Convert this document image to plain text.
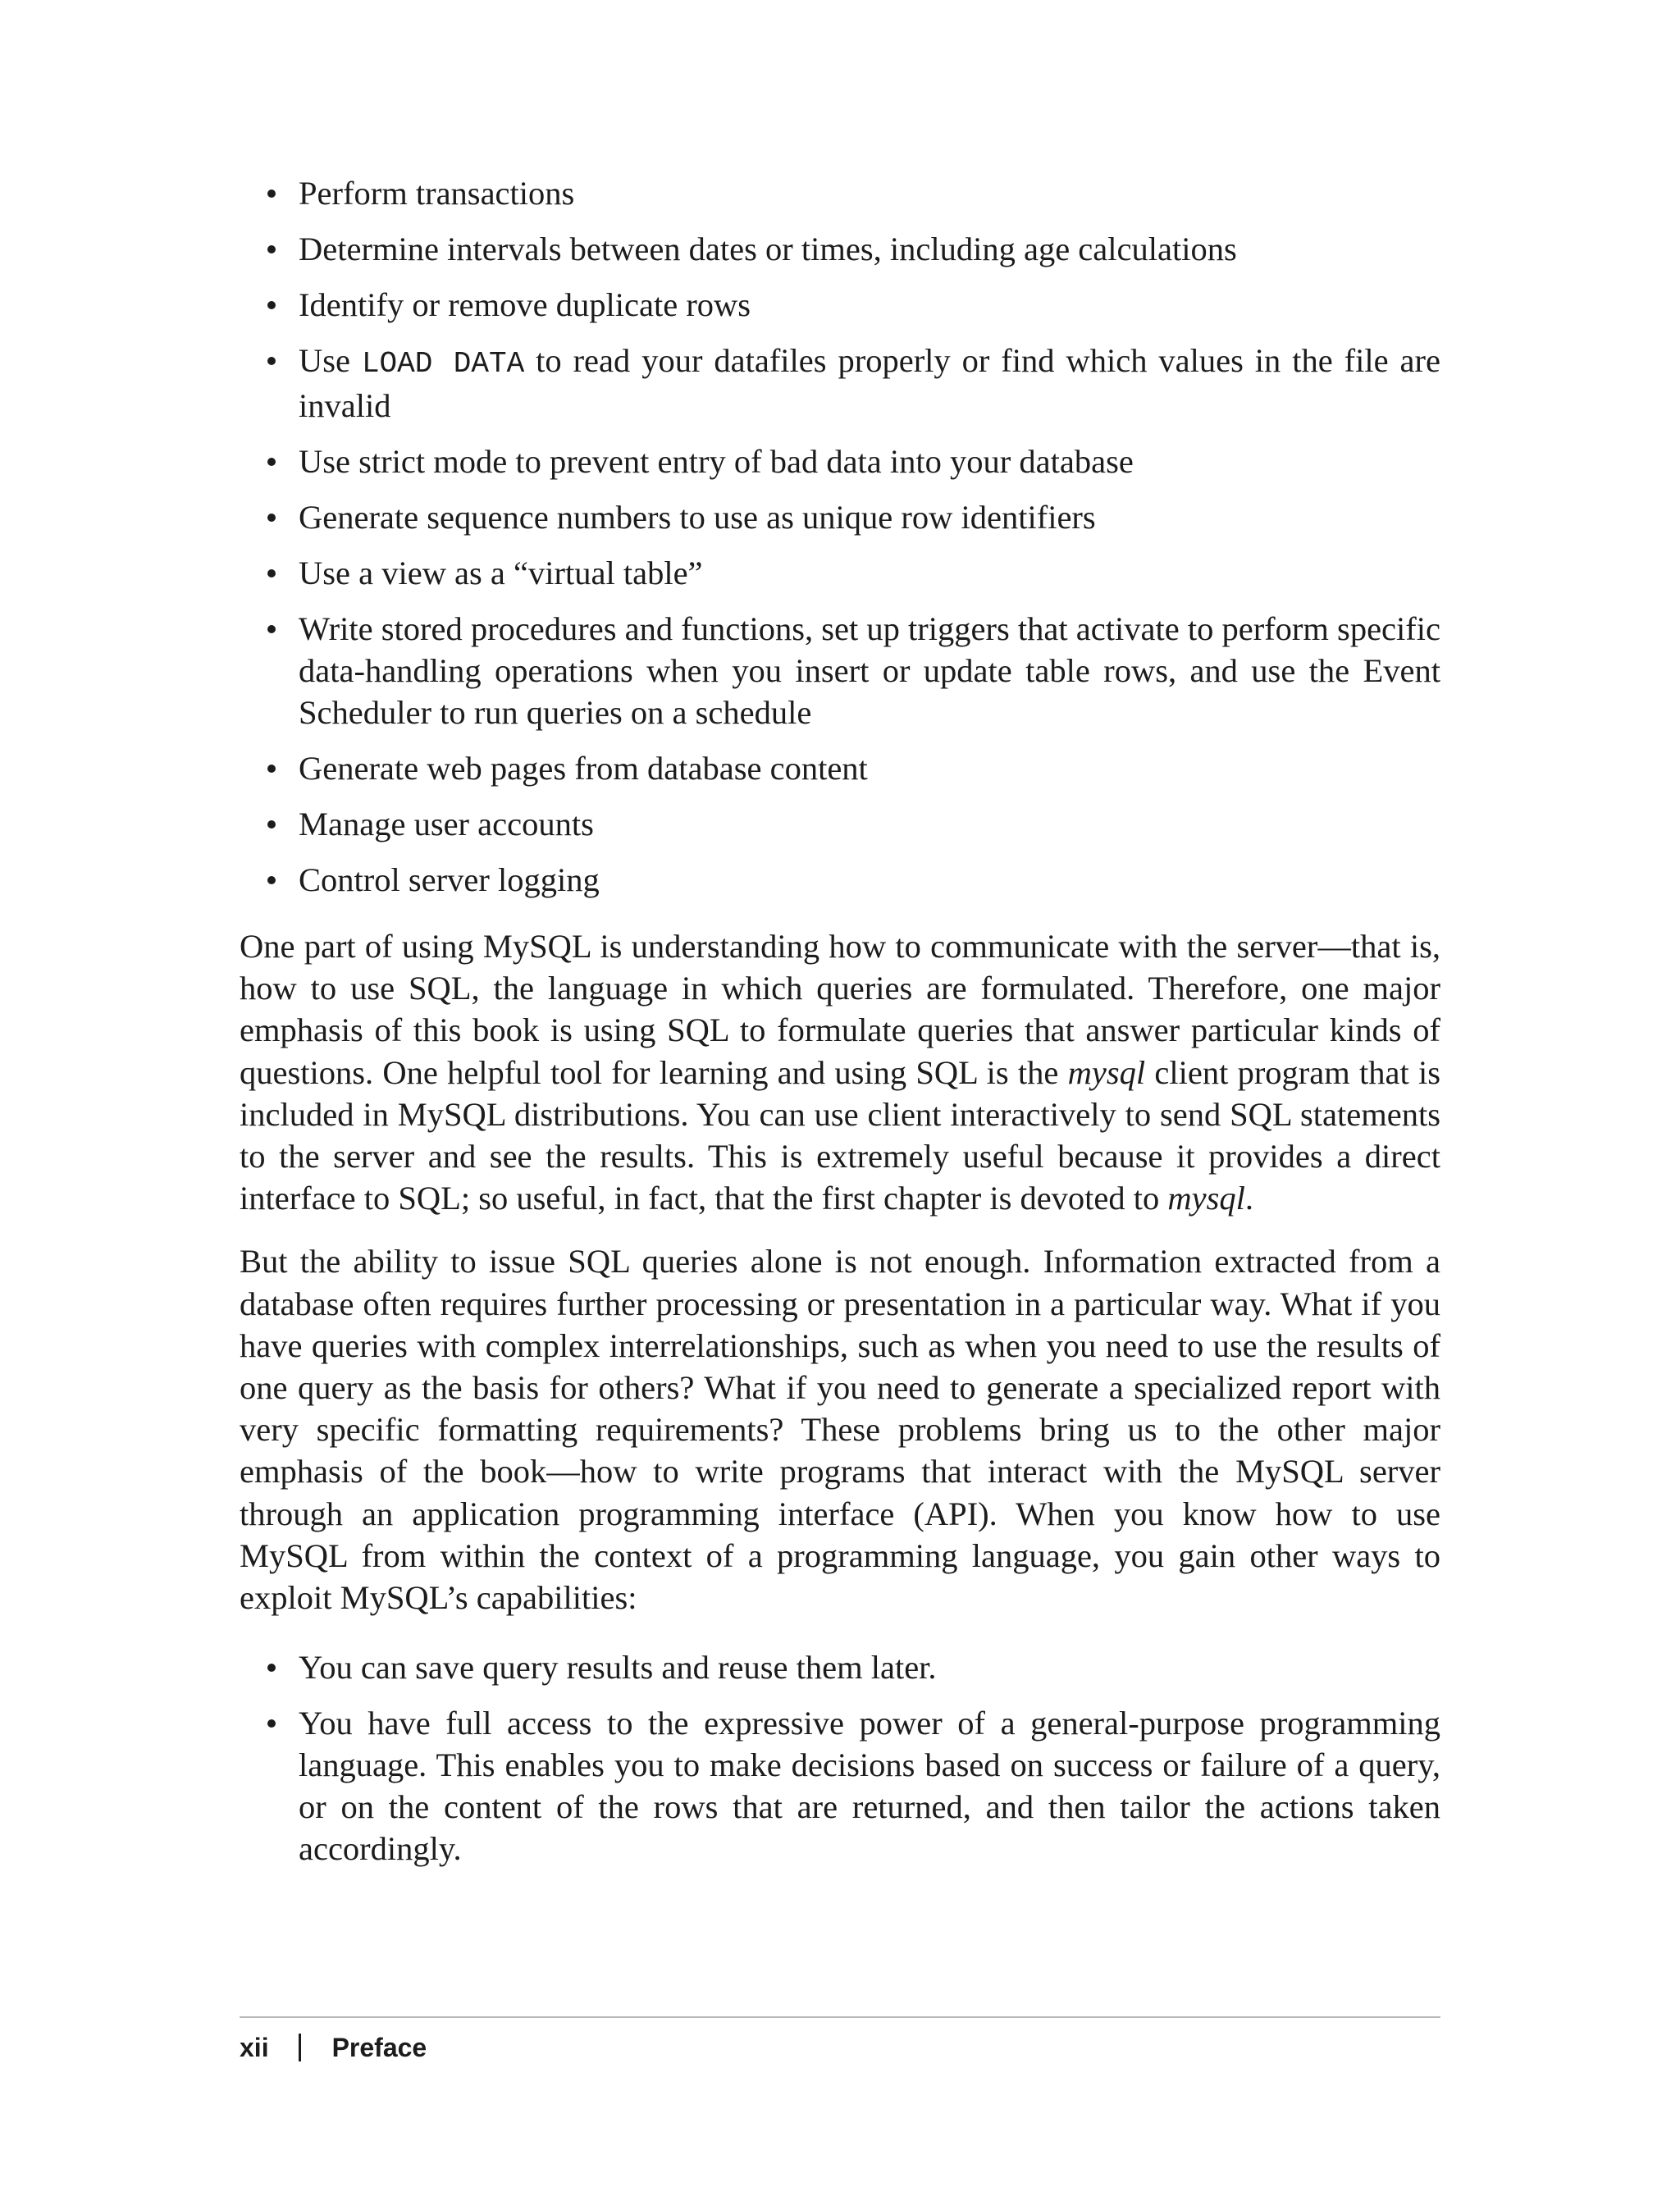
Perform transactions
Determine intervals between dates or times, including age calculations
Identify or remove duplicate rows
Use LOAD DATA to read your datafiles properly or find which values in the file are invalid
Use strict mode to prevent entry of bad data into your database
Generate sequence numbers to use as unique row identifiers
Use a view as a “virtual table”
Write stored procedures and functions, set up triggers that activate to perform specific data-handling operations when you insert or update table rows, and use the Event Scheduler to run queries on a schedule
Generate web pages from database content
Manage user accounts
Control server logging

One part of using MySQL is understanding how to communicate with the server—that is, how to use SQL, the language in which queries are formulated. Therefore, one major emphasis of this book is using SQL to formulate queries that answer particular kinds of questions. One helpful tool for learning and using SQL is the mysql client program that is included in MySQL distributions. You can use client interactively to send SQL statements to the server and see the results. This is extremely useful because it provides a direct interface to SQL; so useful, in fact, that the first chapter is devoted to mysql.

But the ability to issue SQL queries alone is not enough. Information extracted from a database often requires further processing or presentation in a particular way. What if you have queries with complex interrelationships, such as when you need to use the results of one query as the basis for others? What if you need to generate a specialized report with very specific formatting requirements? These problems bring us to the other major emphasis of the book—how to write programs that interact with the MySQL server through an application programming interface (API). When you know how to use MySQL from within the context of a programming language, you gain other ways to exploit MySQL’s capabilities:

You can save query results and reuse them later.
You have full access to the expressive power of a general-purpose programming language. This enables you to make decisions based on success or failure of a query, or on the content of the rows that are returned, and then tailor the actions taken accordingly.
xii Preface
